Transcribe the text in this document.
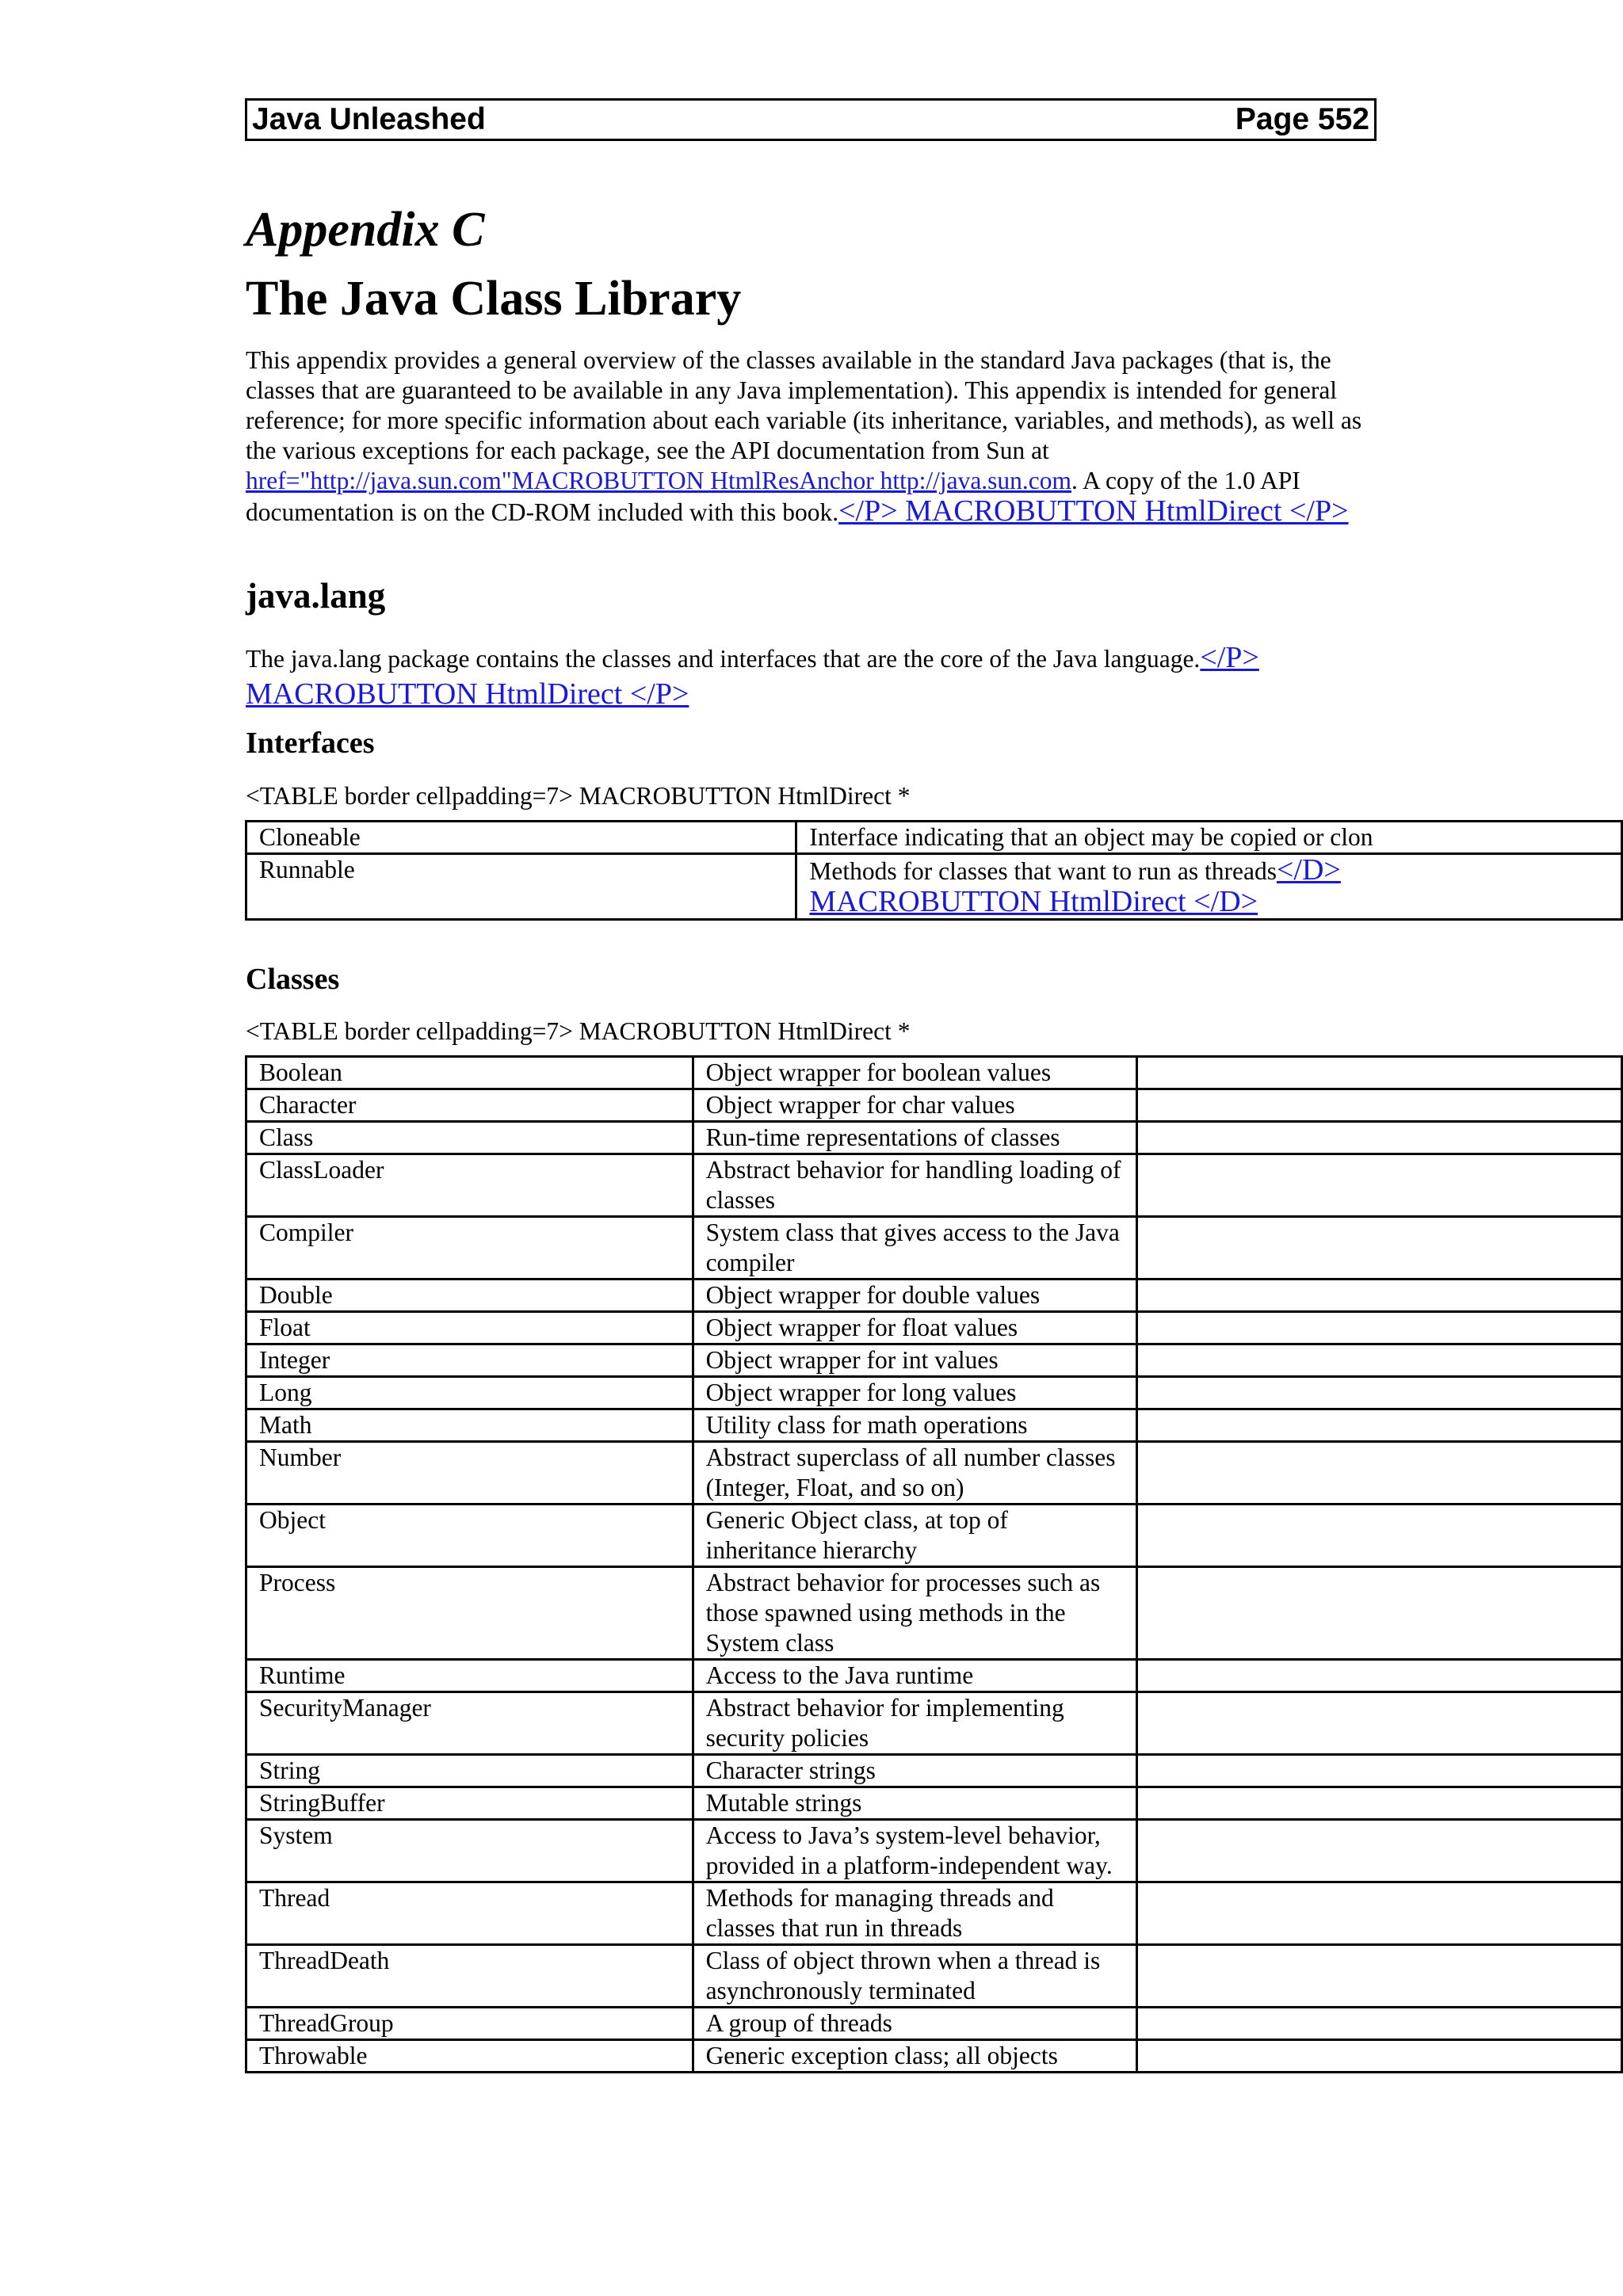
Java Unleashed	Page 552
Appendix C
The Java Class Library

This appendix provides a general overview of the classes available in the standard Java packages (that is, the classes that are guaranteed to be available in any Java implementation). This appendix is intended for general reference; for more specific information about each variable (its inheritance, variables, and methods), as well as the various exceptions for each package, see the API documentation from Sun at href="http://java.sun.com"MACROBUTTON HtmlResAnchor http://java.sun.com. A copy of the 1.0 API documentation is on the CD-ROM included with this book.</P> MACROBUTTON HtmlDirect </P>

java.lang

The java.lang package contains the classes and interfaces that are the core of the Java language.</P> MACROBUTTON HtmlDirect </P>

Interfaces

<TABLE border cellpadding=7> MACROBUTTON HtmlDirect *

Cloneable	Interface indicating that an object may be copied or clon
Runnable	Methods for classes that want to run as threads</D> MACROBUTTON HtmlDirect </D>
Classes

<TABLE border cellpadding=7> MACROBUTTON HtmlDirect *

Boolean	Object wrapper for boolean values	
Character	Object wrapper for char values	
Class	Run-time representations of classes	
ClassLoader	Abstract behavior for handling loading of classes	
Compiler	System class that gives access to the Java compiler	
Double	Object wrapper for double values	
Float	Object wrapper for float values	
Integer	Object wrapper for int values	
Long	Object wrapper for long values	
Math	Utility class for math operations	
Number	Abstract superclass of all number classes (Integer, Float, and so on)	
Object	Generic Object class, at top of inheritance hierarchy	
Process	Abstract behavior for processes such as those spawned using methods in the System class	
Runtime	Access to the Java runtime	
SecurityManager	Abstract behavior for implementing security policies	
String	Character strings	
StringBuffer	Mutable strings	
System	Access to Java’s system-level behavior, provided in a platform-independent way.	
Thread	Methods for managing threads and classes that run in threads	
ThreadDeath	Class of object thrown when a thread is asynchronously terminated	
ThreadGroup	A group of threads	
Throwable	Generic exception class; all objects	
